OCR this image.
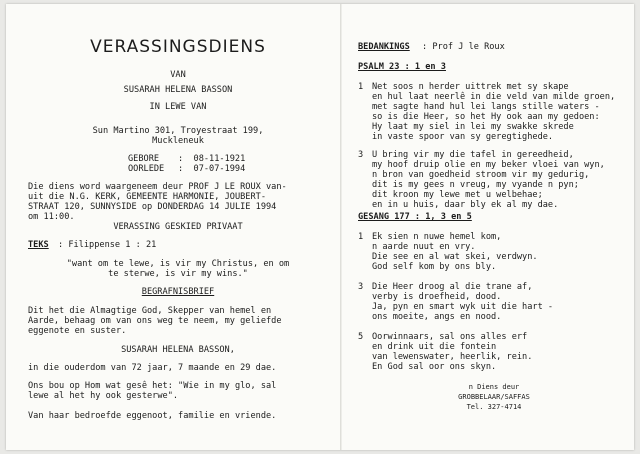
VERASSINGSDIENS
VAN
SUSARAH HELENA BASSON
IN LEWE VAN
Sun Martino 301, Troyestraat 199,
Muckleneuk
GEBORE :  08-11-1921
OORLEDE :  07-07-1994
Die diens word waargeneem deur PROF J LE ROUX van-
uit die N.G. KERK, GEMEENTE HARMONIE, JOUBERT-
STRAAT 120, SUNNYSIDE op DONDERDAG 14 JULIE 1994
om 11:00.
VERASSING GESKIED PRIVAAT
TEKS : Filippense 1 : 21
"want om te lewe, is vir my Christus, en om
te sterwe, is vir my wins."
BEGRAFNISBRIEF
Dit het die Almagtige God, Skepper van hemel en
Aarde, behaag om van ons weg te neem, my geliefde
eggenote en suster.
SUSARAH HELENA BASSON,
in die ouderdom van 72 jaar, 7 maande en 29 dae.
Ons bou op Hom wat gesê het: "Wie in my glo, sal
lewe al het hy ook gesterwe".
Van haar bedroefde eggenoot, familie en vriende.
BEDANKINGS : Prof J le Roux
PSALM 23 : 1 en 3
1 Net soos n herder uittrek met sy skape
en hul laat neerlê in die veld van milde groen,
met sagte hand hul lei langs stille waters -
so is die Heer, so het Hy ook aan my gedoen:
Hy laat my siel in lei my swakke skrede
in vaste spoor van sy geregtighede.
3 U bring vir my die tafel in gereedheid,
my hoof druip olie en my beker vloei van wyn,
n bron van goedheid stroom vir my gedurig,
dit is my gees n vreug, my vyande n pyn;
dit kroon my lewe met u welbehae;
en in u huis, daar bly ek al my dae.
GESANG 177 : 1, 3 en 5
1 Ek sien n nuwe hemel kom,
n aarde nuut en vry.
Die see en al wat skei, verdwyn.
God self kom by ons bly.
3 Die Heer droog al die trane af,
verby is droefheid, dood.
Ja, pyn en smart wyk uit die hart -
ons moeite, angs en nood.
5 Oorwinnaars, sal ons alles erf
en drink uit die fontein
van lewenswater, heerlik, rein.
En God sal oor ons skyn.
n Diens deur
GROBBELAAR/SAFFAS
Tel. 327-4714
